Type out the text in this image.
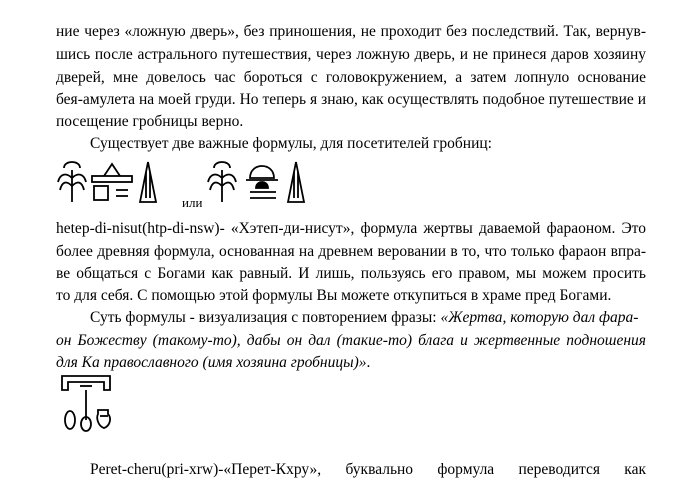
ние через «ложную дверь», без приношения, не проходит без последствий. Так, вернув-
шись после астрального путешествия, через ложную дверь, и не принеся даров хозяину
дверей, мне довелось час бороться с головокружением, а затем лопнуло основание
бея-амулета на моей груди. Но теперь я знаю, как осуществлять подобное путешествие и
посещение гробницы верно.
Существует две важные формулы, для посетителей гробниц:
или
hetep-di-nisut(htp-di-nsw)- «Хэтеп-ди-нисут», формула жертвы даваемой фараоном. Это
более древняя формула, основанная на древнем веровании в то, что только фараон впра-
ве общаться с Богами как равный. И лишь, пользуясь его правом, мы можем просить
то для себя. С помощью этой формулы Вы можете откупиться в храме пред Богами.
Суть формулы - визуализация с повторением фразы: «Жертва, которую дал фара-
он Божеству (такому-то), дабы он дал (такие-то) блага и жертвенные подношения
для Ка православного (имя хозяина гробницы)».
Peret-cheru(pri-xrw)-«Перет-Кхру», буквально формула переводится как
